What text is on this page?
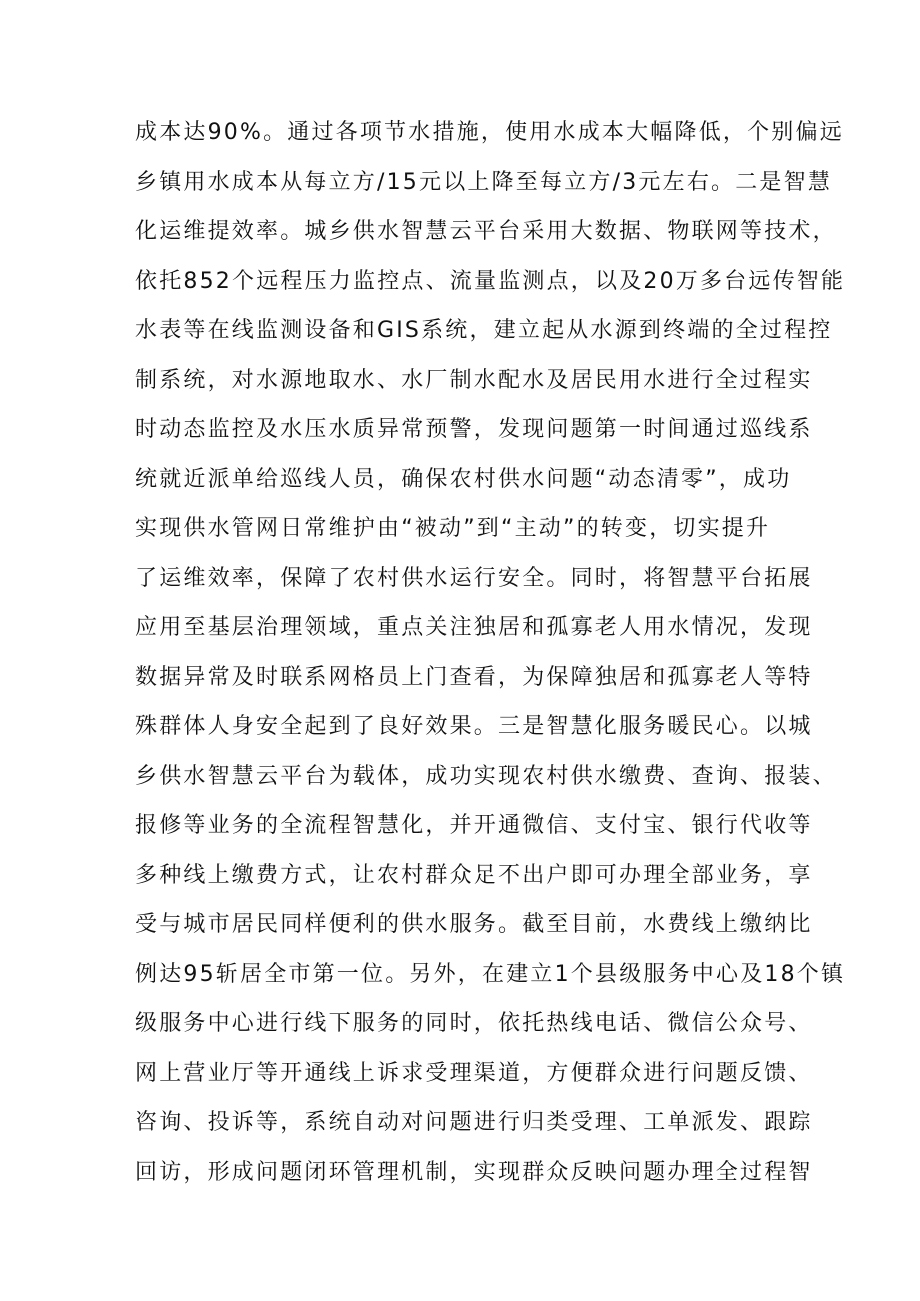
成本达90%。通过各项节水措施，使用水成本大幅降低，个别偏远
乡镇用水成本从每立方/15元以上降至每立方/3元左右。二是智慧
化运维提效率。城乡供水智慧云平台采用大数据、物联网等技术，
依托852个远程压力监控点、流量监测点，以及20万多台远传智能
水表等在线监测设备和GIS系统，建立起从水源到终端的全过程控
制系统，对水源地取水、水厂制水配水及居民用水进行全过程实
时动态监控及水压水质异常预警，发现问题第一时间通过巡线系
统就近派单给巡线人员，确保农村供水问题“动态清零”，成功
实现供水管网日常维护由“被动”到“主动”的转变，切实提升
了运维效率，保障了农村供水运行安全。同时，将智慧平台拓展
应用至基层治理领域，重点关注独居和孤寡老人用水情况，发现
数据异常及时联系网格员上门查看，为保障独居和孤寡老人等特
殊群体人身安全起到了良好效果。三是智慧化服务暖民心。以城
乡供水智慧云平台为载体，成功实现农村供水缴费、查询、报装、
报修等业务的全流程智慧化，并开通微信、支付宝、银行代收等
多种线上缴费方式，让农村群众足不出户即可办理全部业务，享
受与城市居民同样便利的供水服务。截至目前，水费线上缴纳比
例达95斩居全市第一位。另外，在建立1个县级服务中心及18个镇
级服务中心进行线下服务的同时，依托热线电话、微信公众号、
网上营业厅等开通线上诉求受理渠道，方便群众进行问题反馈、
咨询、投诉等，系统自动对问题进行归类受理、工单派发、跟踪
回访，形成问题闭环管理机制，实现群众反映问题办理全过程智
